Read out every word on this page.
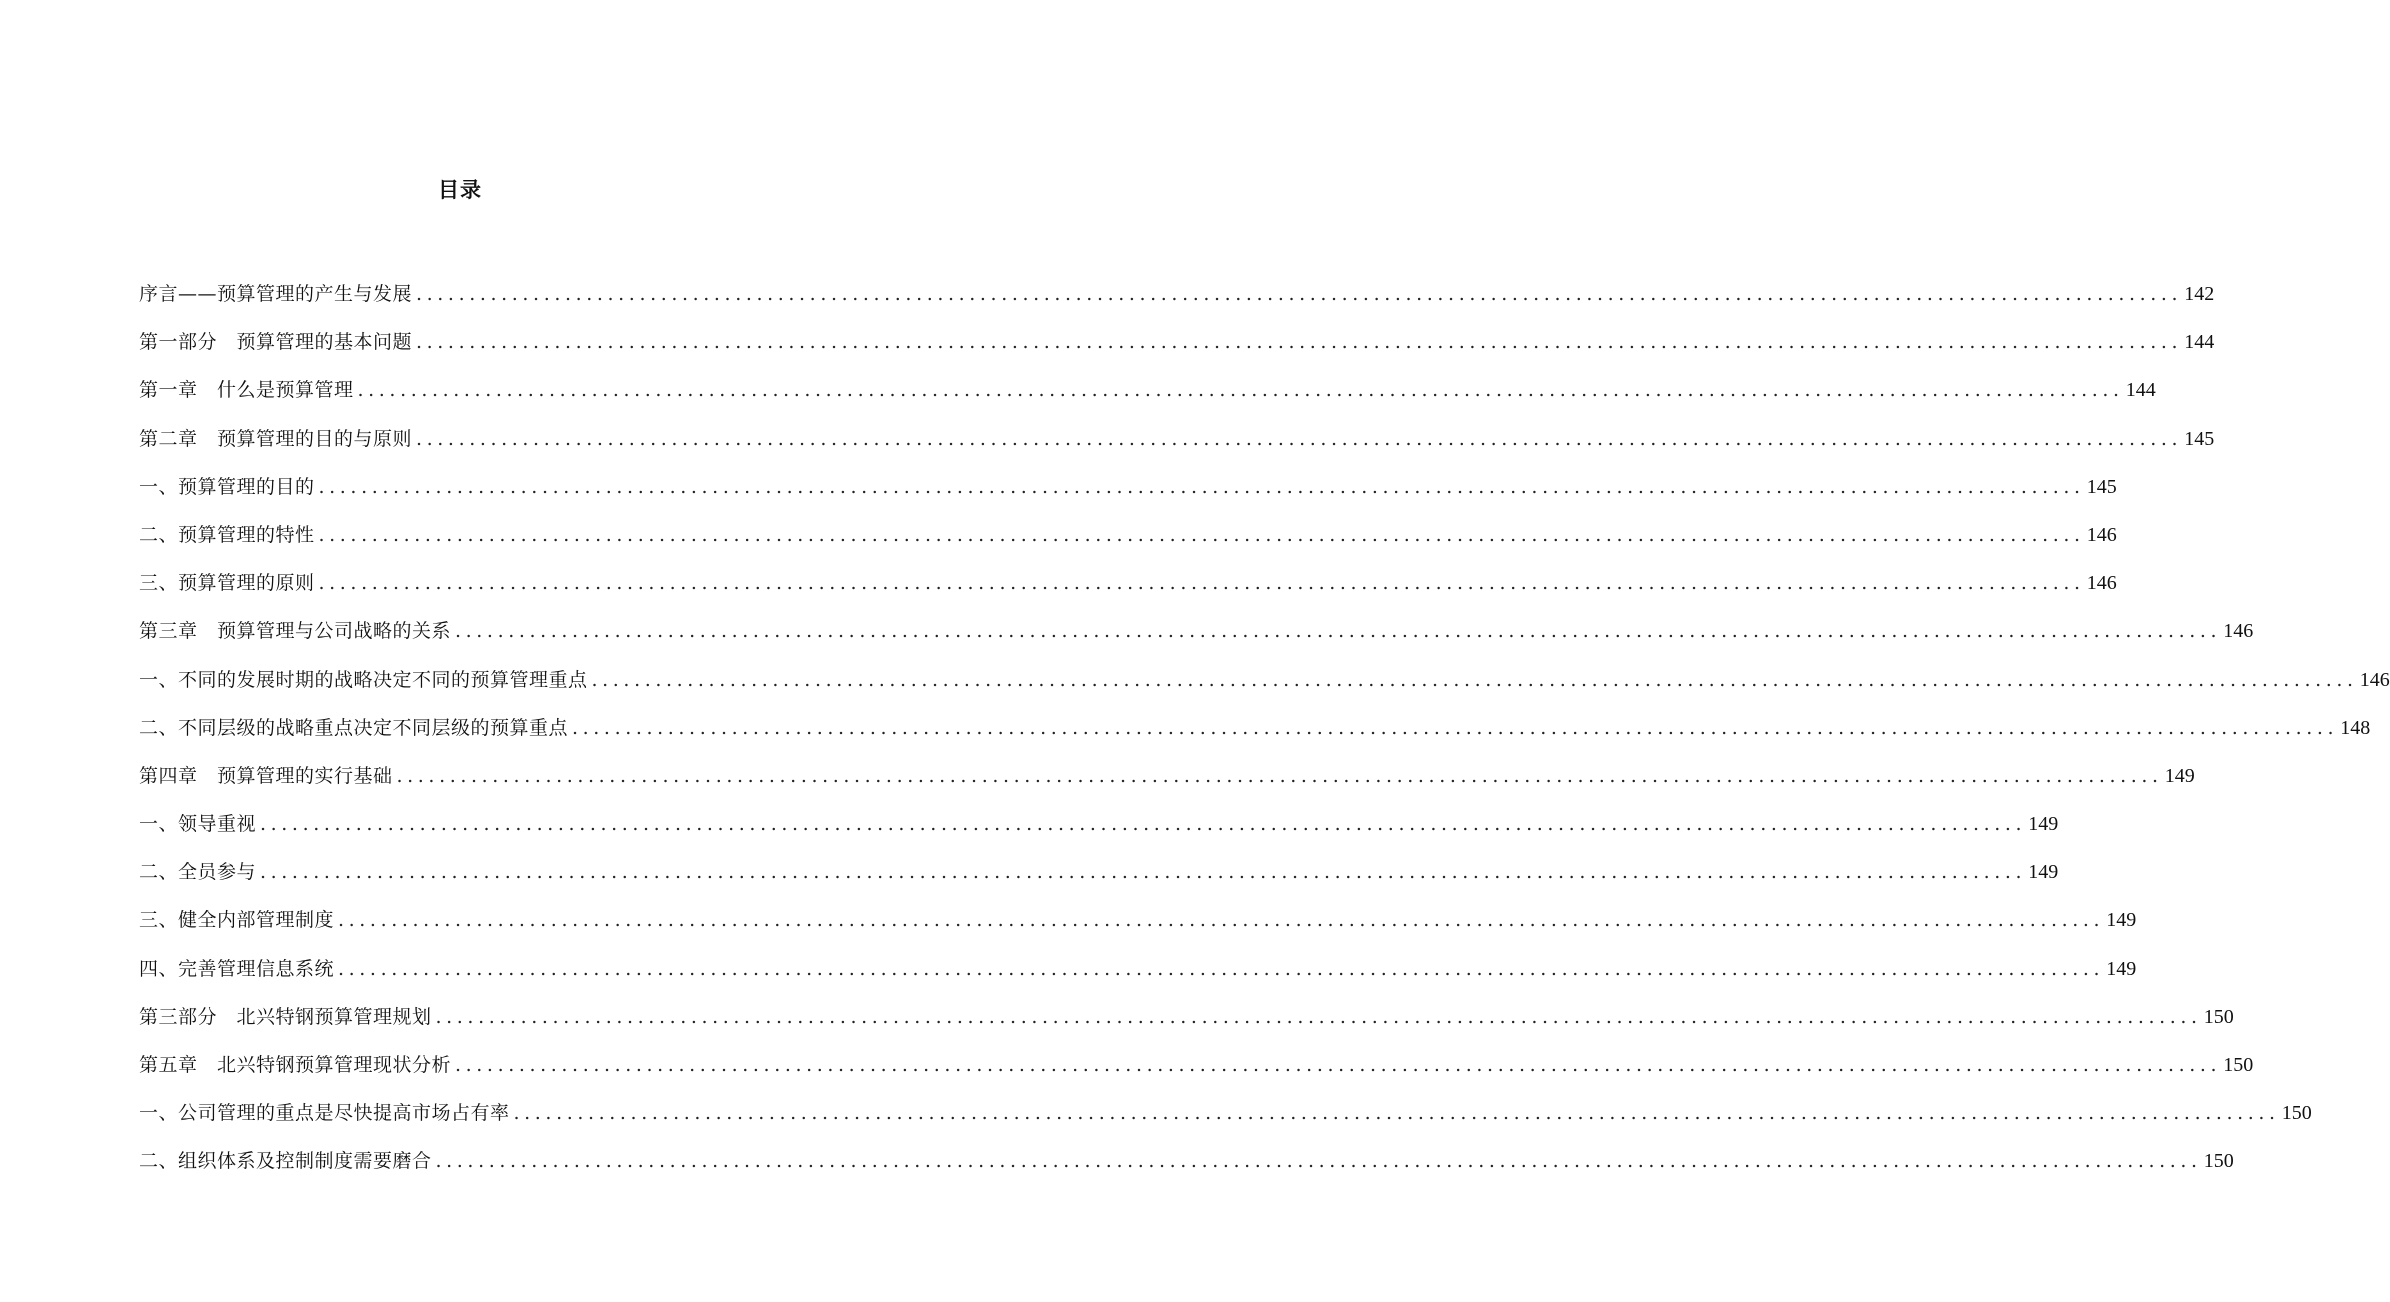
目录
序言——预算管理的产生与发展 ...................................................................................................................................................................... 142
第一部分　预算管理的基本问题 ...................................................................................................................................................................... 144
第一章　什么是预算管理 ...................................................................................................................................................................... 144
第二章　预算管理的目的与原则 ...................................................................................................................................................................... 145
一、预算管理的目的 ...................................................................................................................................................................... 145
二、预算管理的特性 ...................................................................................................................................................................... 146
三、预算管理的原则 ...................................................................................................................................................................... 146
第三章　预算管理与公司战略的关系 ...................................................................................................................................................................... 146
一、不同的发展时期的战略决定不同的预算管理重点 ...................................................................................................................................................................... 146
二、不同层级的战略重点决定不同层级的预算重点 ...................................................................................................................................................................... 148
第四章　预算管理的实行基础 ...................................................................................................................................................................... 149
一、领导重视 ...................................................................................................................................................................... 149
二、全员参与 ...................................................................................................................................................................... 149
三、健全内部管理制度 ...................................................................................................................................................................... 149
四、完善管理信息系统 ...................................................................................................................................................................... 149
第三部分　北兴特钢预算管理规划 ...................................................................................................................................................................... 150
第五章　北兴特钢预算管理现状分析 ...................................................................................................................................................................... 150
一、公司管理的重点是尽快提高市场占有率 ...................................................................................................................................................................... 150
二、组织体系及控制制度需要磨合 ...................................................................................................................................................................... 150
